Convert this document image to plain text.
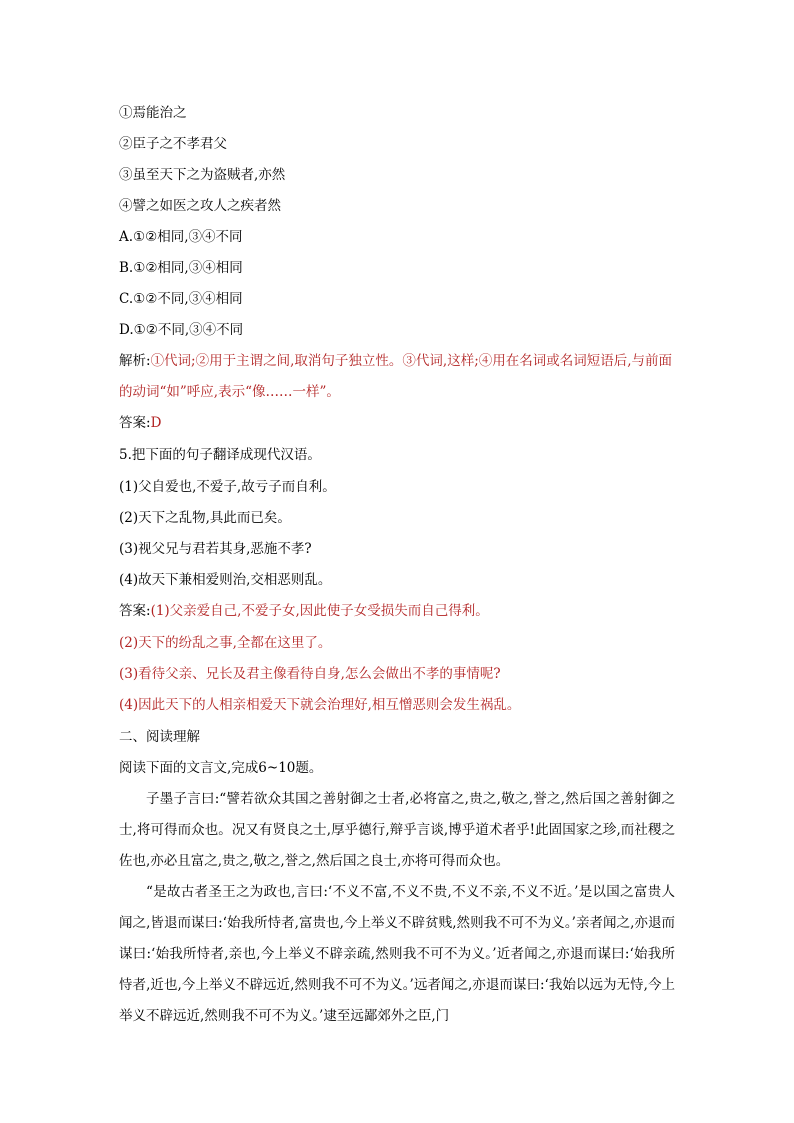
①焉能治之
②臣子之不孝君父
③虽至天下之为盗贼者,亦然
④譬之如医之攻人之疾者然
A.①②相同,③④不同
B.①②相同,③④相同
C.①②不同,③④相同
D.①②不同,③④不同

解析:①代词;②用于主谓之间,取消句子独立性。③代词,这样;④用在名词或名词短语后,与前面的动词“如”呼应,表示“像……一样”。

答案:D
5.把下面的句子翻译成现代汉语。
(1)父自爱也,不爱子,故亏子而自利。
(2)天下之乱物,具此而已矣。
(3)视父兄与君若其身,恶施不孝?
(4)故天下兼相爱则治,交相恶则乱。
答案:(1)父亲爱自己,不爱子女,因此使子女受损失而自己得利。
(2)天下的纷乱之事,全都在这里了。
(3)看待父亲、兄长及君主像看待自身,怎么会做出不孝的事情呢?
(4)因此天下的人相亲相爱天下就会治理好,相互憎恶则会发生祸乱。
二、阅读理解
阅读下面的文言文,完成6~10题。

子墨子言曰:“譬若欲众其国之善射御之士者,必将富之,贵之,敬之,誉之,然后国之善射御之士,将可得而众也。况又有贤良之士,厚乎德行,辩乎言谈,博乎道术者乎!此固国家之珍,而社稷之佐也,亦必且富之,贵之,敬之,誉之,然后国之良士,亦将可得而众也。

“是故古者圣王之为政也,言曰:‘不义不富,不义不贵,不义不亲,不义不近。’是以国之富贵人闻之,皆退而谋曰:‘始我所恃者,富贵也,今上举义不辟贫贱,然则我不可不为义。’亲者闻之,亦退而谋曰:‘始我所恃者,亲也,今上举义不辟亲疏,然则我不可不为义。’近者闻之,亦退而谋曰:‘始我所恃者,近也,今上举义不辟远近,然则我不可不为义。’远者闻之,亦退而谋曰:‘我始以远为无恃,今上举义不辟远近,然则我不可不为义。’逮至远鄙郊外之臣,门
